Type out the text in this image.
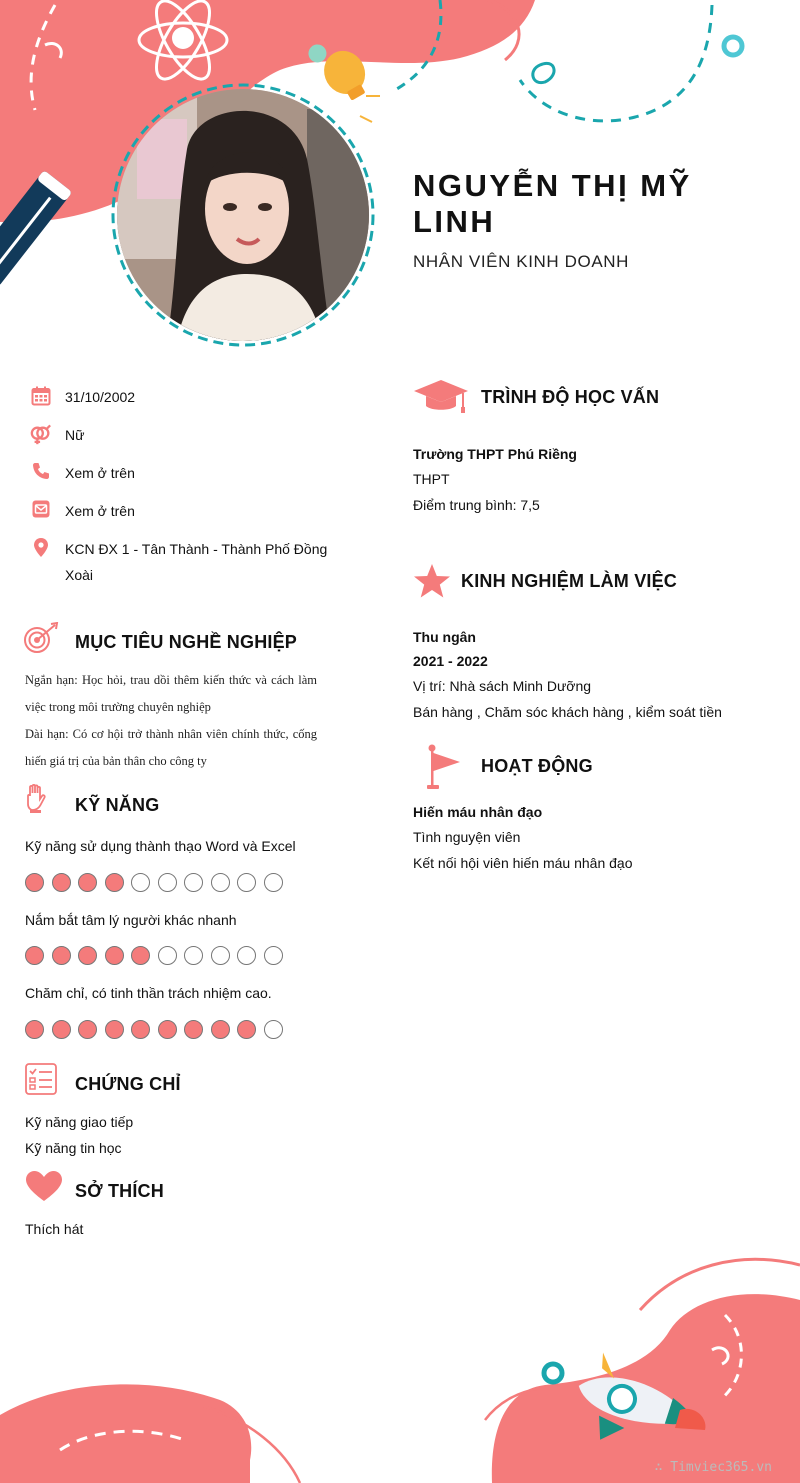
NGUYỄN THỊ MỸ LINH
NHÂN VIÊN KINH DOANH
31/10/2002
Nữ
Xem ở trên
Xem ở trên
KCN ĐX 1 - Tân Thành - Thành Phố Đồng Xoài
MỤC TIÊU NGHỀ NGHIỆP
Ngắn hạn: Học hỏi, trau dồi thêm kiến thức và cách làm việc trong môi trường chuyên nghiệp
Dài hạn: Có cơ hội trở thành nhân viên chính thức, cống hiến giá trị của bản thân cho công ty
KỸ NĂNG
Kỹ năng sử dụng thành thạo Word và Excel
Nắm bắt tâm lý người khác nhanh
Chăm chỉ, có tinh thần trách nhiệm cao.
CHỨNG CHỈ
Kỹ năng giao tiếp
Kỹ năng tin học
SỞ THÍCH
Thích hát
TRÌNH ĐỘ HỌC VẤN
Trường THPT Phú Riềng
THPT
Điểm trung bình: 7,5
KINH NGHIỆM LÀM VIỆC
Thu ngân
2021 - 2022
Vị trí: Nhà sách Minh Dưỡng
Bán hàng , Chăm sóc khách hàng , kiểm soát tiền
HOẠT ĐỘNG
Hiến máu nhân đạo
Tình nguyện viên
Kết nối hội viên hiến máu nhân đạo
∴ Timviec365.vn
